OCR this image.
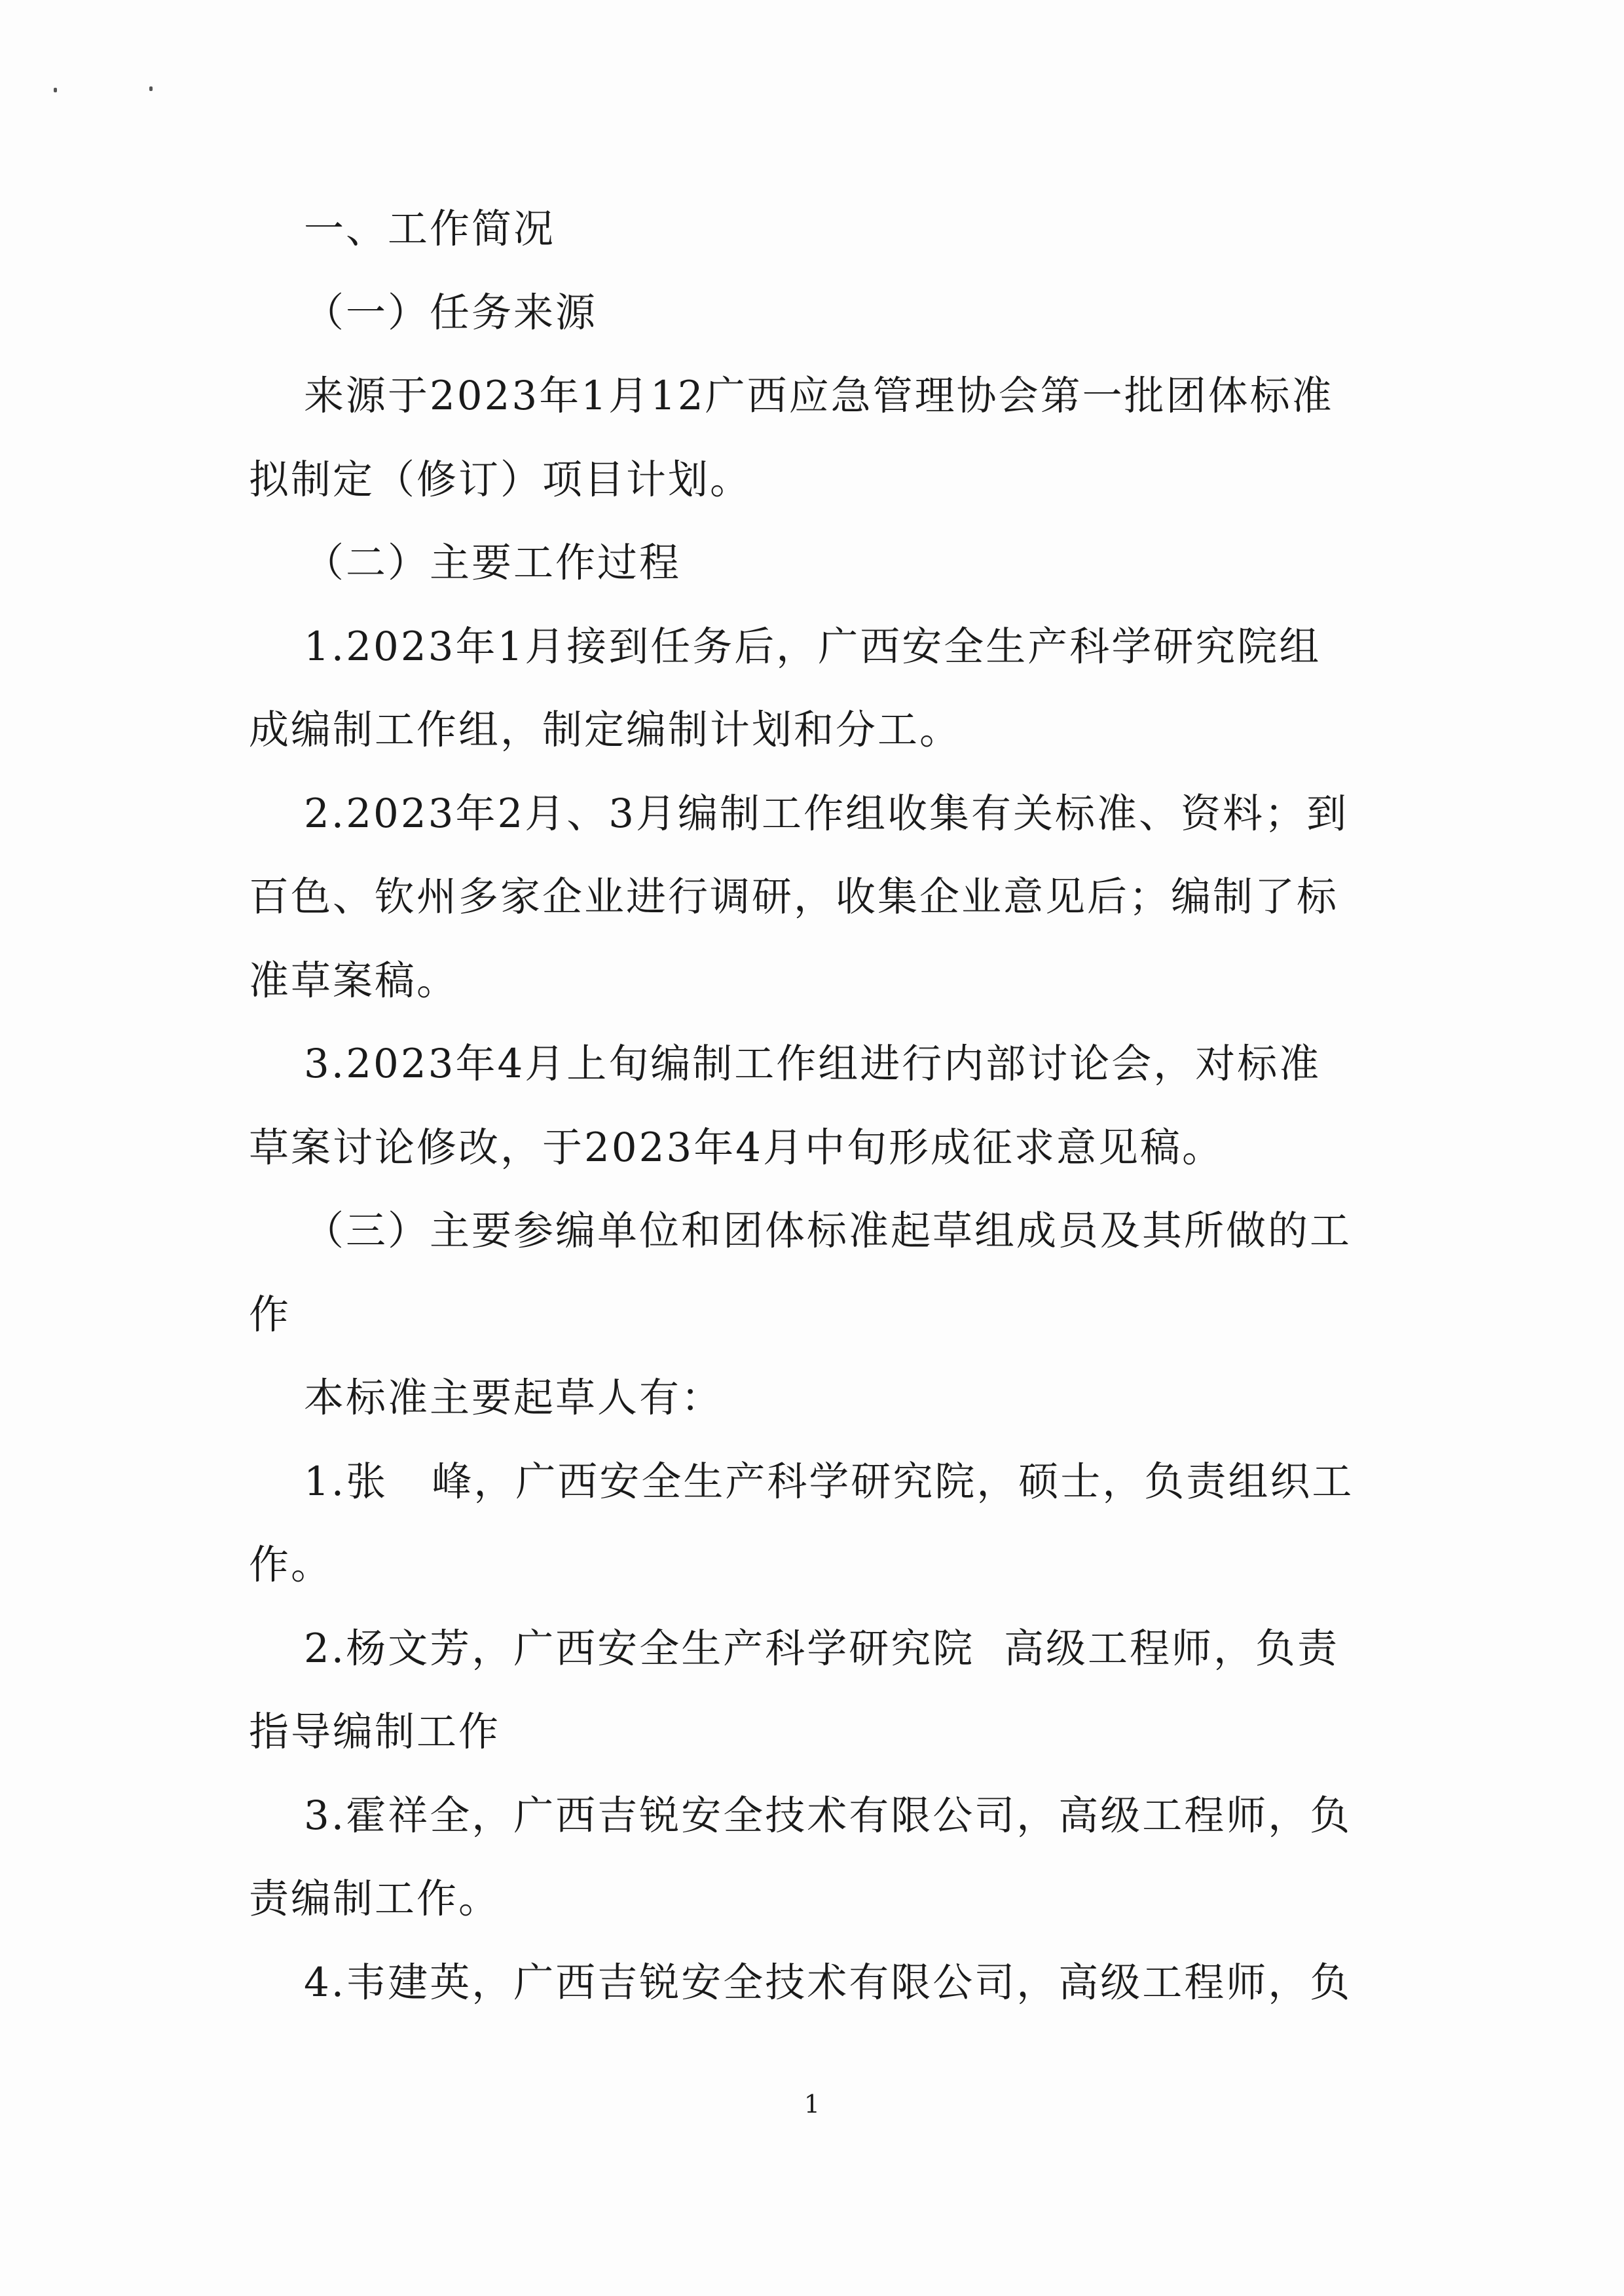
一、工作简况
（一）任务来源
来源于2023年1月12广西应急管理协会第一批团体标准
拟制定（修订）项目计划。
（二）主要工作过程
1.2023年1月接到任务后，广西安全生产科学研究院组
成编制工作组，制定编制计划和分工。
2.2023年2月、3月编制工作组收集有关标准、资料；到
百色、钦州多家企业进行调研，收集企业意见后；编制了标
准草案稿。
3.2023年4月上旬编制工作组进行内部讨论会，对标准
草案讨论修改，于2023年4月中旬形成征求意见稿。
（三）主要参编单位和团体标准起草组成员及其所做的工
作
本标准主要起草人有：
1.张   峰，广西安全生产科学研究院，硕士，负责组织工
作。
2.杨文芳，广西安全生产科学研究院  高级工程师，负责
指导编制工作
3.霍祥全，广西吉锐安全技术有限公司，高级工程师，负
责编制工作。
4.韦建英，广西吉锐安全技术有限公司，高级工程师，负
1
